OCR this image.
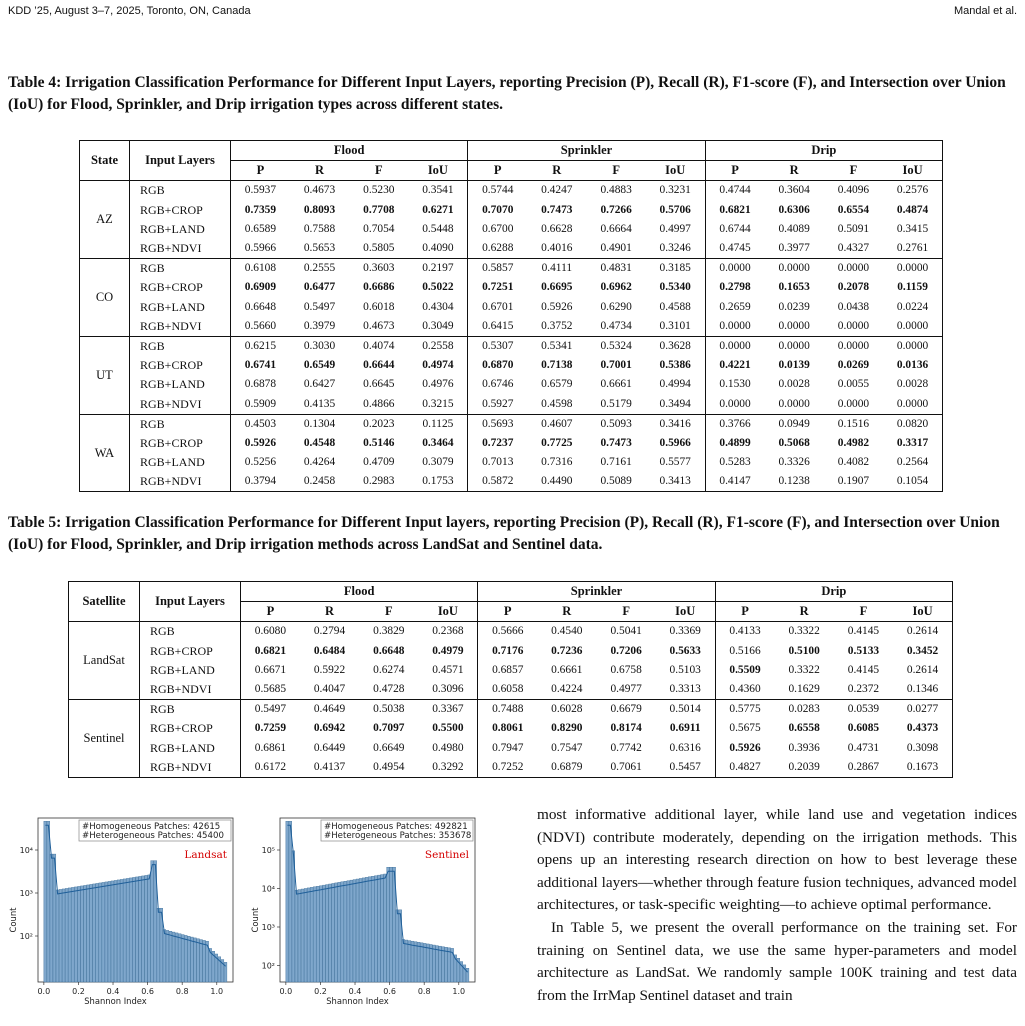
KDD ’25, August 3–7, 2025, Toronto, ON, Canada	Mandal et al.
Table 4: Irrigation Classification Performance for Different Input Layers, reporting Precision (P), Recall (R), F1-score (F), and Intersection over Union (IoU) for Flood, Sprinkler, and Drip irrigation types across different states.
State	Input Layers	Flood				Sprinkler				Drip			
		P	R	F	IoU	P	R	F	IoU	P	R	F	IoU
AZ	RGB	0.5937	0.4673	0.5230	0.3541	0.5744	0.4247	0.4883	0.3231	0.4744	0.3604	0.4096	0.2576
	RGB+CROP	0.7359	0.8093	0.7708	0.6271	0.7070	0.7473	0.7266	0.5706	0.6821	0.6306	0.6554	0.4874
	RGB+LAND	0.6589	0.7588	0.7054	0.5448	0.6700	0.6628	0.6664	0.4997	0.6744	0.4089	0.5091	0.3415
	RGB+NDVI	0.5966	0.5653	0.5805	0.4090	0.6288	0.4016	0.4901	0.3246	0.4745	0.3977	0.4327	0.2761
CO	RGB	0.6108	0.2555	0.3603	0.2197	0.5857	0.4111	0.4831	0.3185	0.0000	0.0000	0.0000	0.0000
	RGB+CROP	0.6909	0.6477	0.6686	0.5022	0.7251	0.6695	0.6962	0.5340	0.2798	0.1653	0.2078	0.1159
	RGB+LAND	0.6648	0.5497	0.6018	0.4304	0.6701	0.5926	0.6290	0.4588	0.2659	0.0239	0.0438	0.0224
	RGB+NDVI	0.5660	0.3979	0.4673	0.3049	0.6415	0.3752	0.4734	0.3101	0.0000	0.0000	0.0000	0.0000
UT	RGB	0.6215	0.3030	0.4074	0.2558	0.5307	0.5341	0.5324	0.3628	0.0000	0.0000	0.0000	0.0000
	RGB+CROP	0.6741	0.6549	0.6644	0.4974	0.6870	0.7138	0.7001	0.5386	0.4221	0.0139	0.0269	0.0136
	RGB+LAND	0.6878	0.6427	0.6645	0.4976	0.6746	0.6579	0.6661	0.4994	0.1530	0.0028	0.0055	0.0028
	RGB+NDVI	0.5909	0.4135	0.4866	0.3215	0.5927	0.4598	0.5179	0.3494	0.0000	0.0000	0.0000	0.0000
WA	RGB	0.4503	0.1304	0.2023	0.1125	0.5693	0.4607	0.5093	0.3416	0.3766	0.0949	0.1516	0.0820
	RGB+CROP	0.5926	0.4548	0.5146	0.3464	0.7237	0.7725	0.7473	0.5966	0.4899	0.5068	0.4982	0.3317
	RGB+LAND	0.5256	0.4264	0.4709	0.3079	0.7013	0.7316	0.7161	0.5577	0.5283	0.3326	0.4082	0.2564
	RGB+NDVI	0.3794	0.2458	0.2983	0.1753	0.5872	0.4490	0.5089	0.3413	0.4147	0.1238	0.1907	0.1054
Table 5: Irrigation Classification Performance for Different Input layers, reporting Precision (P), Recall (R), F1-score (F), and Intersection over Union (IoU) for Flood, Sprinkler, and Drip irrigation methods across LandSat and Sentinel data.
Satellite	Input Layers	Flood				Sprinkler				Drip			
		P	R	F	IoU	P	R	F	IoU	P	R	F	IoU
LandSat	RGB	0.6080	0.2794	0.3829	0.2368	0.5666	0.4540	0.5041	0.3369	0.4133	0.3322	0.4145	0.2614
	RGB+CROP	0.6821	0.6484	0.6648	0.4979	0.7176	0.7236	0.7206	0.5633	0.5166	0.5100	0.5133	0.3452
	RGB+LAND	0.6671	0.5922	0.6274	0.4571	0.6857	0.6661	0.6758	0.5103	0.5509	0.3322	0.4145	0.2614
	RGB+NDVI	0.5685	0.4047	0.4728	0.3096	0.6058	0.4224	0.4977	0.3313	0.4360	0.1629	0.2372	0.1346
Sentinel	RGB	0.5497	0.4649	0.5038	0.3367	0.7488	0.6028	0.6679	0.5014	0.5775	0.0283	0.0539	0.0277
	RGB+CROP	0.7259	0.6942	0.7097	0.5500	0.8061	0.8290	0.8174	0.6911	0.5675	0.6558	0.6085	0.4373
	RGB+LAND	0.6861	0.6449	0.6649	0.4980	0.7947	0.7547	0.7742	0.6316	0.5926	0.3936	0.4731	0.3098
	RGB+NDVI	0.6172	0.4137	0.4954	0.3292	0.7252	0.6879	0.7061	0.5457	0.4827	0.2039	0.2867	0.1673
#Homogeneous Patches: 42615
#Heterogeneous Patches: 45400
Landsat
10⁴
10³
10²
0.0	0.2	0.4	0.6	0.8	1.0
Shannon Index
Count
#Homogeneous Patches: 492821
#Heterogeneous Patches: 353678
Sentinel
10⁵
10⁴
10³
10²
0.0	0.2	0.4	0.6	0.8	1.0
Shannon Index
Count

most informative additional layer, while land use and vegetation indices (NDVI) contribute moderately, depending on the irrigation methods. This opens up an interesting research direction on how to best leverage these additional layers—whether through feature fusion techniques, advanced model architectures, or task-specific weighting—to achieve optimal performance.

In Table 5, we present the overall performance on the training set. For training on Sentinel data, we use the same hyper-parameters and model architecture as LandSat. We randomly sample 100K training and test data from the IrrMap Sentinel dataset and train
